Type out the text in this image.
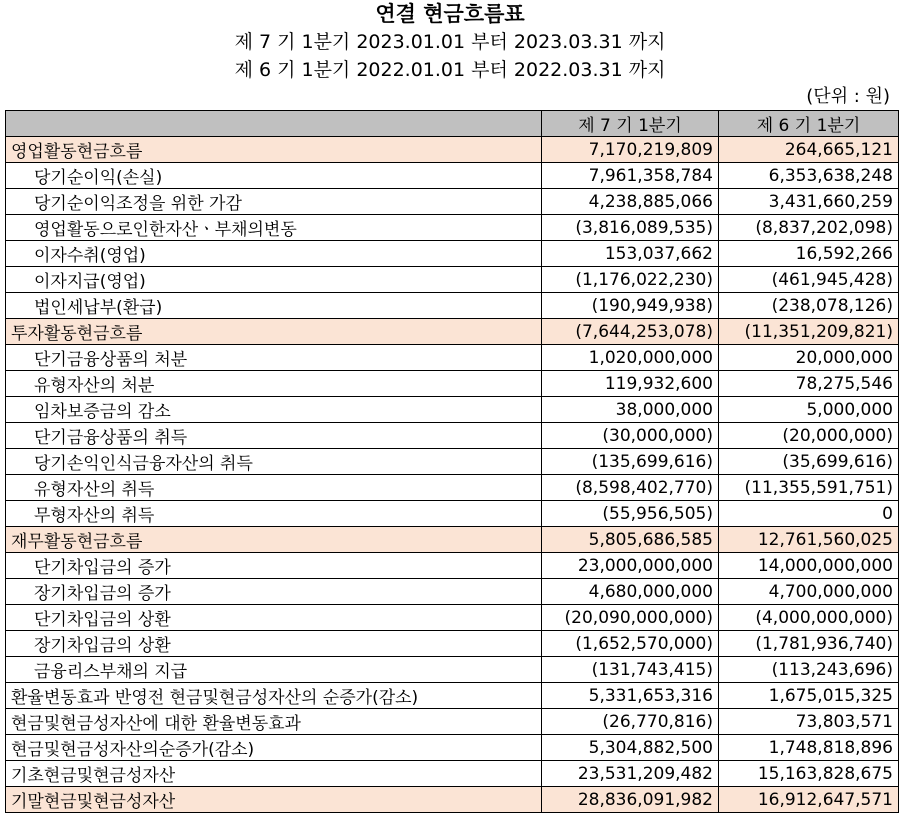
연결 현금흐름표
제 7 기 1분기 2023.01.01 부터 2023.03.31 까지
제 6 기 1분기 2022.01.01 부터 2022.03.31 까지
(단위 : 원)
	제 7 기 1분기	제 6 기 1분기
영업활동현금흐름	7,170,219,809	264,665,121
당기순이익(손실)	7,961,358,784	6,353,638,248
당기순이익조정을 위한 가감	4,238,885,066	3,431,660,259
영업활동으로인한자산ㆍ부채의변동	(3,816,089,535)	(8,837,202,098)
이자수취(영업)	153,037,662	16,592,266
이자지급(영업)	(1,176,022,230)	(461,945,428)
법인세납부(환급)	(190,949,938)	(238,078,126)
투자활동현금흐름	(7,644,253,078)	(11,351,209,821)
단기금융상품의 처분	1,020,000,000	20,000,000
유형자산의 처분	119,932,600	78,275,546
임차보증금의 감소	38,000,000	5,000,000
단기금융상품의 취득	(30,000,000)	(20,000,000)
당기손익인식금융자산의 취득	(135,699,616)	(35,699,616)
유형자산의 취득	(8,598,402,770)	(11,355,591,751)
무형자산의 취득	(55,956,505)	0
재무활동현금흐름	5,805,686,585	12,761,560,025
단기차입금의 증가	23,000,000,000	14,000,000,000
장기차입금의 증가	4,680,000,000	4,700,000,000
단기차입금의 상환	(20,090,000,000)	(4,000,000,000)
장기차입금의 상환	(1,652,570,000)	(1,781,936,740)
금융리스부채의 지급	(131,743,415)	(113,243,696)
환율변동효과 반영전 현금및현금성자산의 순증가(감소)	5,331,653,316	1,675,015,325
현금및현금성자산에 대한 환율변동효과	(26,770,816)	73,803,571
현금및현금성자산의순증가(감소)	5,304,882,500	1,748,818,896
기초현금및현금성자산	23,531,209,482	15,163,828,675
기말현금및현금성자산	28,836,091,982	16,912,647,571
